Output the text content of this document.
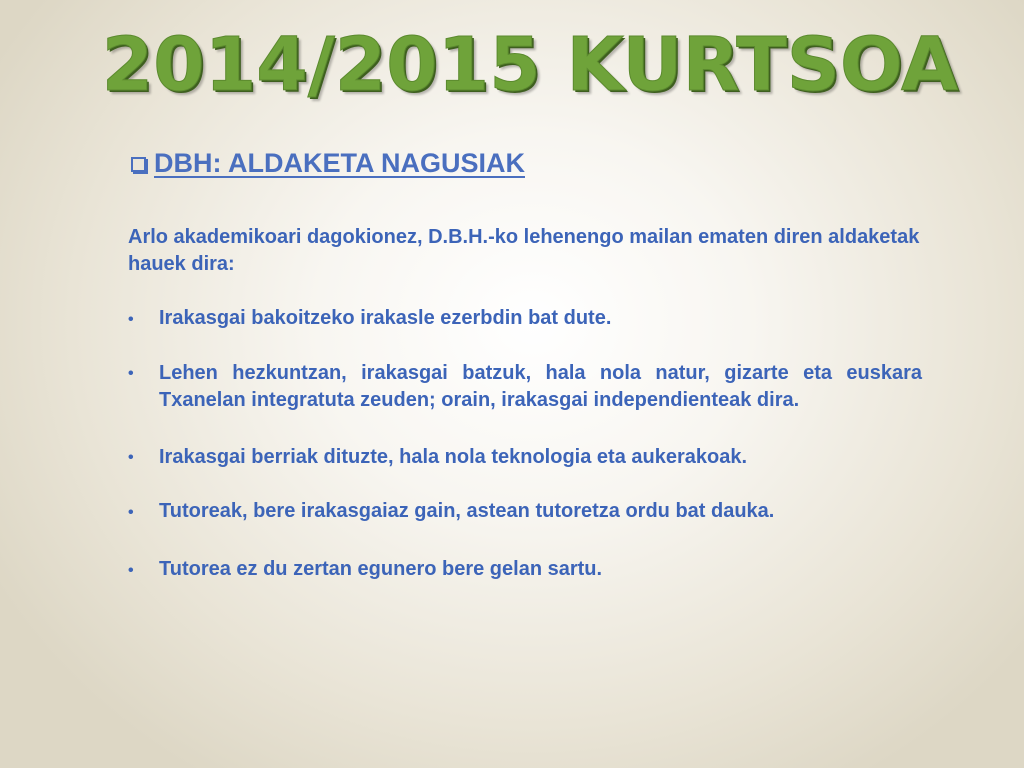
2014/2015 KURTSOA
DBH: ALDAKETA NAGUSIAK

Arlo akademikoari dagokionez, D.B.H.-ko lehenengo mailan ematen diren aldaketak hauek dira:

• Irakasgai bakoitzeko irakasle ezerbdin bat dute.
• Lehen hezkuntzan, irakasgai batzuk, hala nola natur, gizarte eta euskara Txanelan integratuta zeuden; orain, irakasgai independienteak dira.
• Irakasgai berriak dituzte, hala nola teknologia eta aukerakoak.
• Tutoreak, bere irakasgaiaz gain, astean tutoretza ordu bat dauka.
• Tutorea ez du zertan egunero bere gelan sartu.
